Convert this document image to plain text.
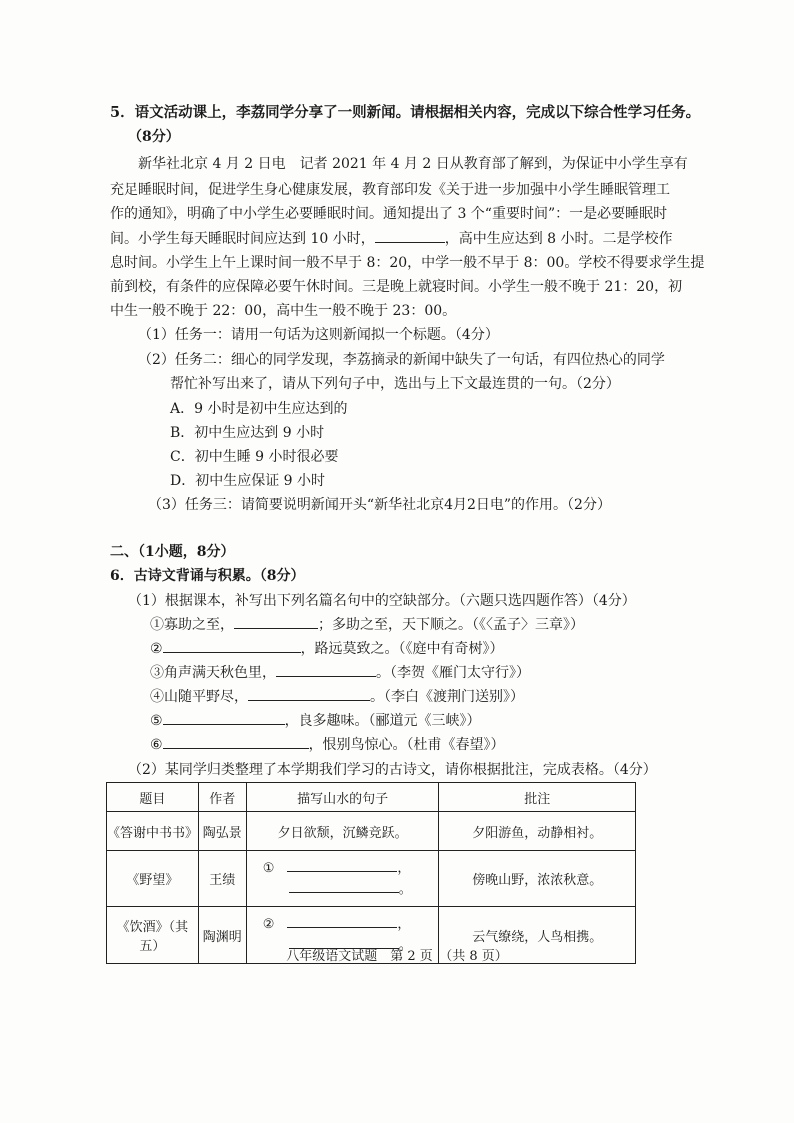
5．语文活动课上，李荔同学分享了一则新闻。请根据相关内容，完成以下综合性学习任务。
（8分）
新华社北京 4 月 2 日电　记者 2021 年 4 月 2 日从教育部了解到，为保证中小学生享有
充足睡眠时间，促进学生身心健康发展，教育部印发《关于进一步加强中小学生睡眠管理工
作的通知》，明确了中小学生必要睡眠时间。通知提出了 3 个“重要时间”：一是必要睡眠时
间。小学生每天睡眠时间应达到 10 小时，	，高中生应达到 8 小时。二是学校作
息时间。小学生上午上课时间一般不早于 8：20，中学一般不早于 8：00。学校不得要求学生提
前到校，有条件的应保障必要午休时间。三是晚上就寝时间。小学生一般不晚于 21：20，初
中生一般不晚于 22：00，高中生一般不晚于 23：00。
（1）任务一：请用一句话为这则新闻拟一个标题。（4分）
（2）任务二：细心的同学发现，李荔摘录的新闻中缺失了一句话，有四位热心的同学
帮忙补写出来了，请从下列句子中，选出与上下文最连贯的一句。（2分）
A．9 小时是初中生应达到的
B．初中生应达到 9 小时
C．初中生睡 9 小时很必要
D．初中生应保证 9 小时
（3）任务三：请简要说明新闻开头“新华社北京4月2日电”的作用。（2分）
二、（1小题，8分）
6．古诗文背诵与积累。（8分）
（1）根据课本，补写出下列名篇名句中的空缺部分。（六题只选四题作答）（4分）
①寡助之至，	；多助之至，天下顺之。（《〈孟子〉三章》）
②	，路远莫致之。（《庭中有奇树》）
③角声满天秋色里，	。（李贺《雁门太守行》）
④山随平野尽，	。（李白《渡荆门送别》）
⑤	，良多趣味。（郦道元《三峡》）
⑥	，恨别鸟惊心。（杜甫《春望》）
（2）某同学归类整理了本学期我们学习的古诗文，请你根据批注，完成表格。（4分）
题目	作者	描写山水的句子	批注
《答谢中书书》	陶弘景	夕日欲颓，沉鳞竞跃。	夕阳游鱼，动静相衬。
《野望》	王绩	①　 ，
　　。	傍晚山野，浓浓秋意。
《饮酒》（其五）	陶渊明	②　 ，
　　。	云气缭绕，人鸟相携。
八年级语文试题　第 2 页　（共 8 页）
